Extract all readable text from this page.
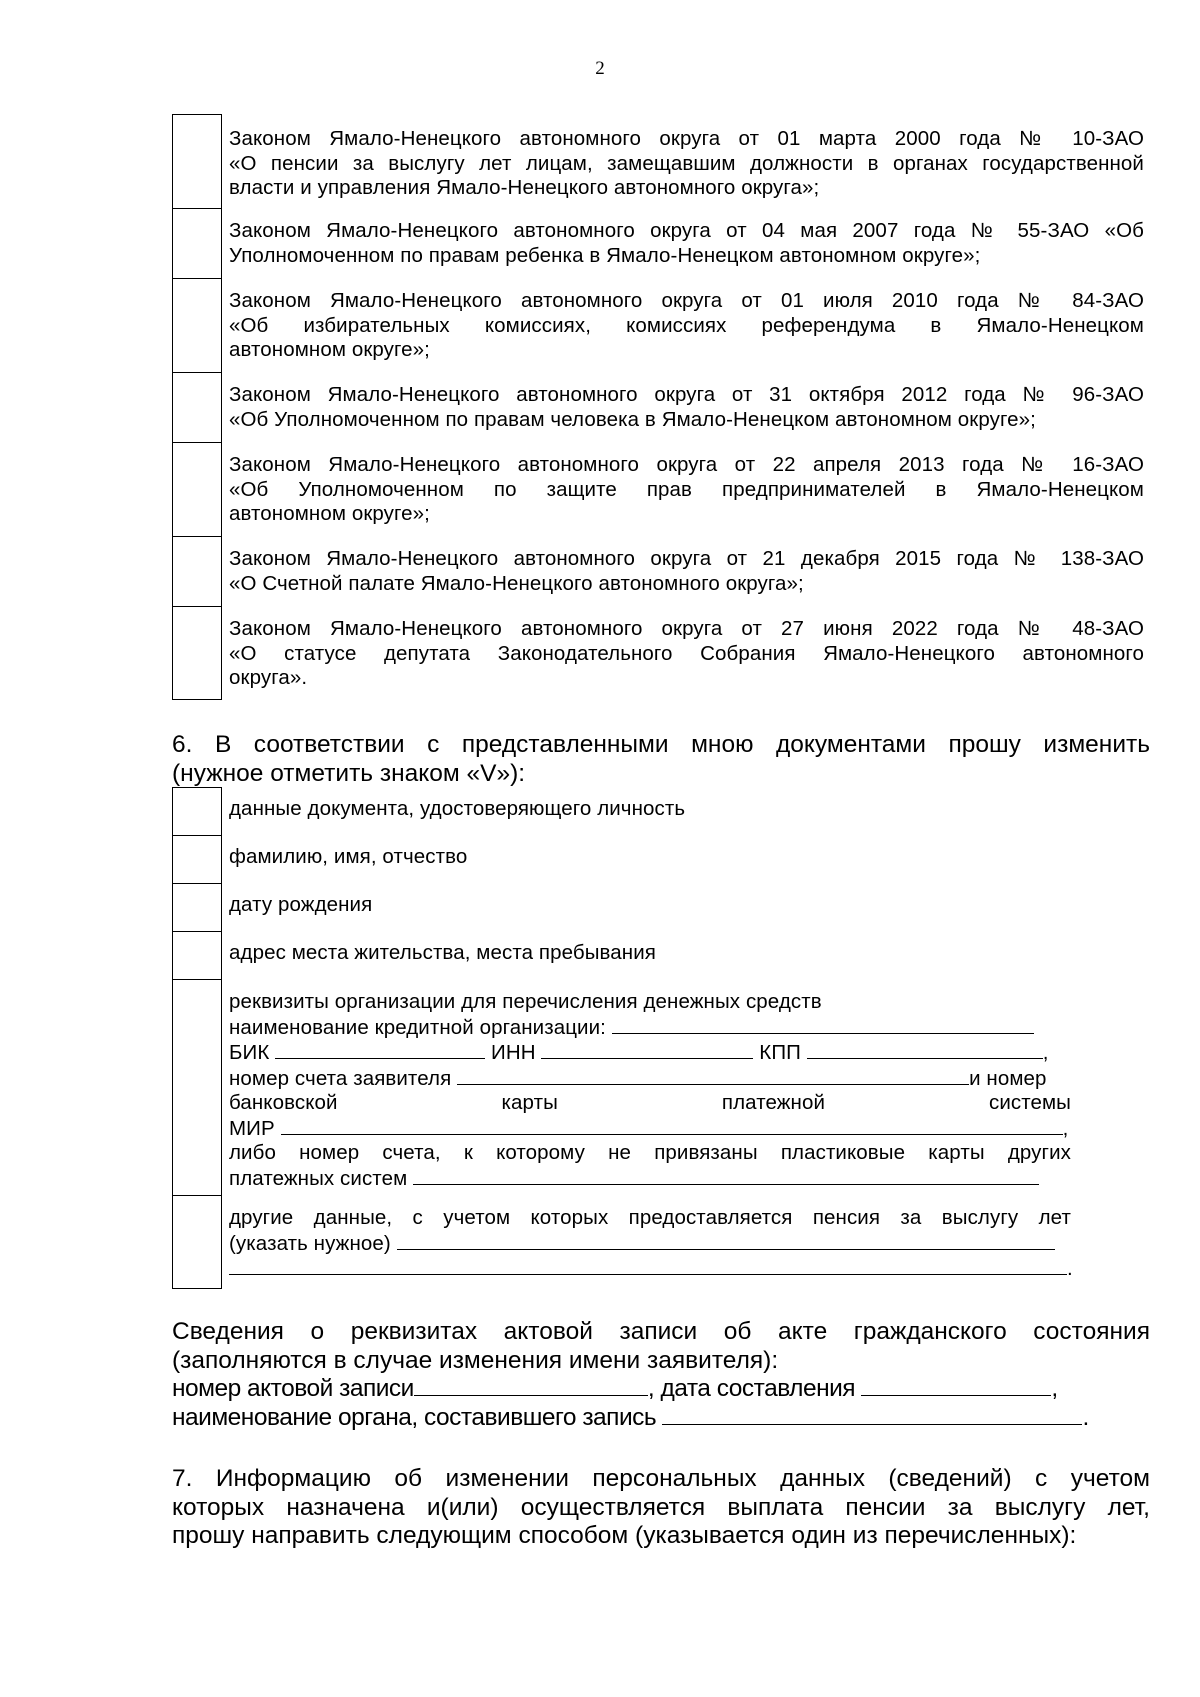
2
Законом Ямало-Ненецкого автономного округа от 01 марта 2000 года № 10-ЗАО
«О пенсии за выслугу лет лицам, замещавшим должности в органах государственной
власти и управления Ямало-Ненецкого автономного округа»;
Законом Ямало-Ненецкого автономного округа от 04 мая 2007 года № 55-ЗАО «Об
Уполномоченном по правам ребенка в Ямало-Ненецком автономном округе»;
Законом Ямало-Ненецкого автономного округа от 01 июля 2010 года № 84-ЗАО
«Об избирательных комиссиях, комиссиях референдума в Ямало-Ненецком
автономном округе»;
Законом Ямало-Ненецкого автономного округа от 31 октября 2012 года № 96-ЗАО
«Об Уполномоченном по правам человека в Ямало-Ненецком автономном округе»;
Законом Ямало-Ненецкого автономного округа от 22 апреля 2013 года № 16-ЗАО
«Об Уполномоченном по защите прав предпринимателей в Ямало-Ненецком
автономном округе»;
Законом Ямало-Ненецкого автономного округа от 21 декабря 2015 года № 138-ЗАО
«О Счетной палате Ямало-Ненецкого автономного округа»;
Законом Ямало-Ненецкого автономного округа от 27 июня 2022 года № 48-ЗАО
«О статусе депутата Законодательного Собрания Ямало-Ненецкого автономного
округа».
6. В соответствии с представленными мною документами прошу изменить
(нужное отметить знаком «V»):
данные документа, удостоверяющего личность
фамилию, имя, отчество
дату рождения
адрес места жительства, места пребывания
реквизиты организации для перечисления денежных средств
наименование кредитной организации:
БИК	ИНН	КПП	,
номер счета заявителя	и номер
банковской	карты	платежной	системы
МИР	,
либо номер счета, к которому не привязаны пластиковые карты других
платежных систем
другие данные, с учетом которых предоставляется пенсия за выслугу лет
(указать нужное)
.
Сведения о реквизитах актовой записи об акте гражданского состояния
(заполняются в случае изменения имени заявителя):
номер актовой записи	, дата составления	,
наименование органа, составившего запись	.
7. Информацию об изменении персональных данных (сведений) с учетом
которых назначена и(или) осуществляется выплата пенсии за выслугу лет,
прошу направить следующим способом (указывается один из перечисленных):
